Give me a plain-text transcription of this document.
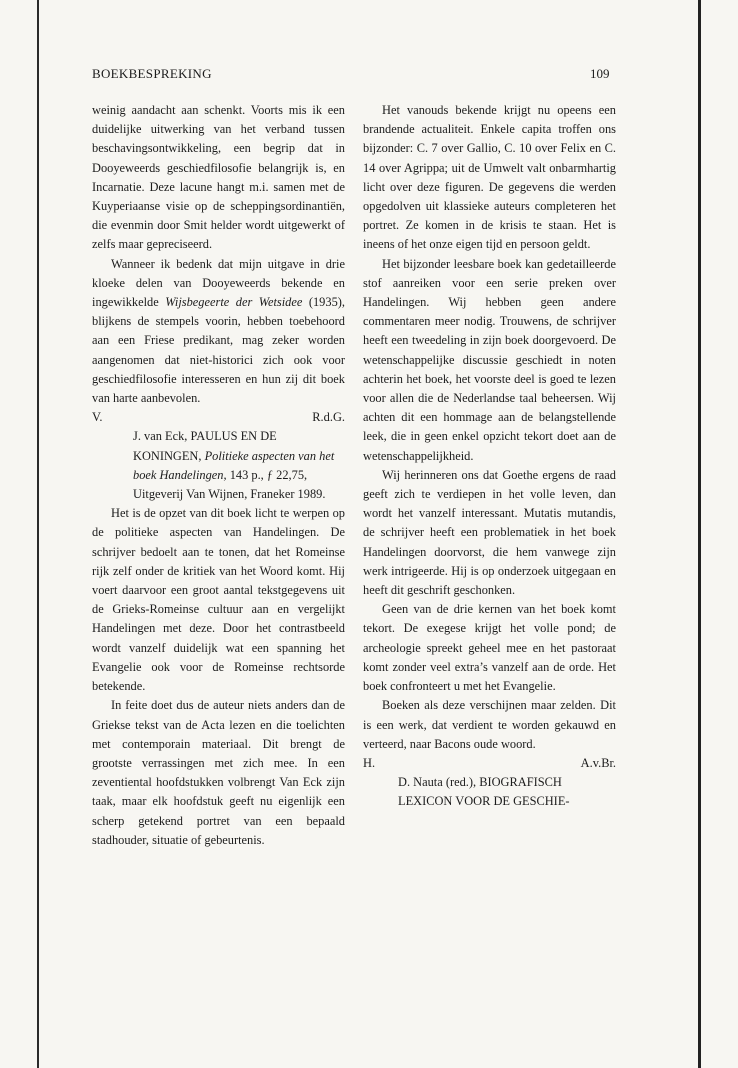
BOEKBESPREKING	109

weinig aandacht aan schenkt. Voorts mis ik een duidelijke uitwerking van het verband tussen beschavingsontwikkeling, een begrip dat in Dooyeweerds geschiedfilosofie belangrijk is, en Incarnatie. Deze lacune hangt m.i. samen met de Kuyperiaanse visie op de scheppingsordinantiën, die evenmin door Smit helder wordt uitgewerkt of zelfs maar gepreciseerd.

Wanneer ik bedenk dat mijn uitgave in drie kloeke delen van Dooyeweerds bekende en ingewikkelde Wijsbegeerte der Wetsidee (1935), blijkens de stempels voorin, hebben toebehoord aan een Friese predikant, mag zeker worden aangenomen dat niet-historici zich ook voor geschiedfilosofie interesseren en hun zij dit boek van harte aanbevolen.

V.	R.d.G.

J. van Eck, PAULUS EN DE KONINGEN, Politieke aspecten van het boek Handelingen, 143 p., ƒ 22,75, Uitgeverij Van Wijnen, Franeker 1989.

Het is de opzet van dit boek licht te werpen op de politieke aspecten van Handelingen. De schrijver bedoelt aan te tonen, dat het Romeinse rijk zelf onder de kritiek van het Woord komt. Hij voert daarvoor een groot aantal tekstgegevens uit de Grieks-Romeinse cultuur aan en vergelijkt Handelingen met deze. Door het contrastbeeld wordt vanzelf duidelijk wat een spanning het Evangelie ook voor de Romeinse rechtsorde betekende.

In feite doet dus de auteur niets anders dan de Griekse tekst van de Acta lezen en die toelichten met contemporain materiaal. Dit brengt de grootste verrassingen met zich mee. In een zeventiental hoofdstukken volbrengt Van Eck zijn taak, maar elk hoofdstuk geeft nu eigenlijk een scherp getekend portret van een bepaald stadhouder, situatie of gebeurtenis.

Het vanouds bekende krijgt nu opeens een brandende actualiteit. Enkele capita troffen ons bijzonder: C. 7 over Gallio, C. 10 over Felix en C. 14 over Agrippa; uit de Umwelt valt onbarmhartig licht over deze figuren. De gegevens die werden opgedolven uit klassieke auteurs completeren het portret. Ze komen in de krisis te staan. Het is ineens of het onze eigen tijd en persoon geldt.

Het bijzonder leesbare boek kan gedetailleerde stof aanreiken voor een serie preken over Handelingen. Wij hebben geen andere commentaren meer nodig. Trouwens, de schrijver heeft een tweedeling in zijn boek doorgevoerd. De wetenschappelijke discussie geschiedt in noten achterin het boek, het voorste deel is goed te lezen voor allen die de Nederlandse taal beheersen. Wij achten dit een hommage aan de belangstellende leek, die in geen enkel opzicht tekort doet aan de wetenschappelijkheid.

Wij herinneren ons dat Goethe ergens de raad geeft zich te verdiepen in het volle leven, dan wordt het vanzelf interessant. Mutatis mutandis, de schrijver heeft een problematiek in het boek Handelingen doorvorst, die hem vanwege zijn werk intrigeerde. Hij is op onderzoek uitgegaan en heeft dit geschrift geschonken.

Geen van de drie kernen van het boek komt tekort. De exegese krijgt het volle pond; de archeologie spreekt geheel mee en het pastoraat komt zonder veel extra’s vanzelf aan de orde. Het boek confronteert u met het Evangelie.

Boeken als deze verschijnen maar zelden. Dit is een werk, dat verdient te worden gekauwd en verteerd, naar Bacons oude woord.

H.	A.v.Br.

D. Nauta (red.), BIOGRAFISCH LEXICON VOOR DE GESCHIE-
